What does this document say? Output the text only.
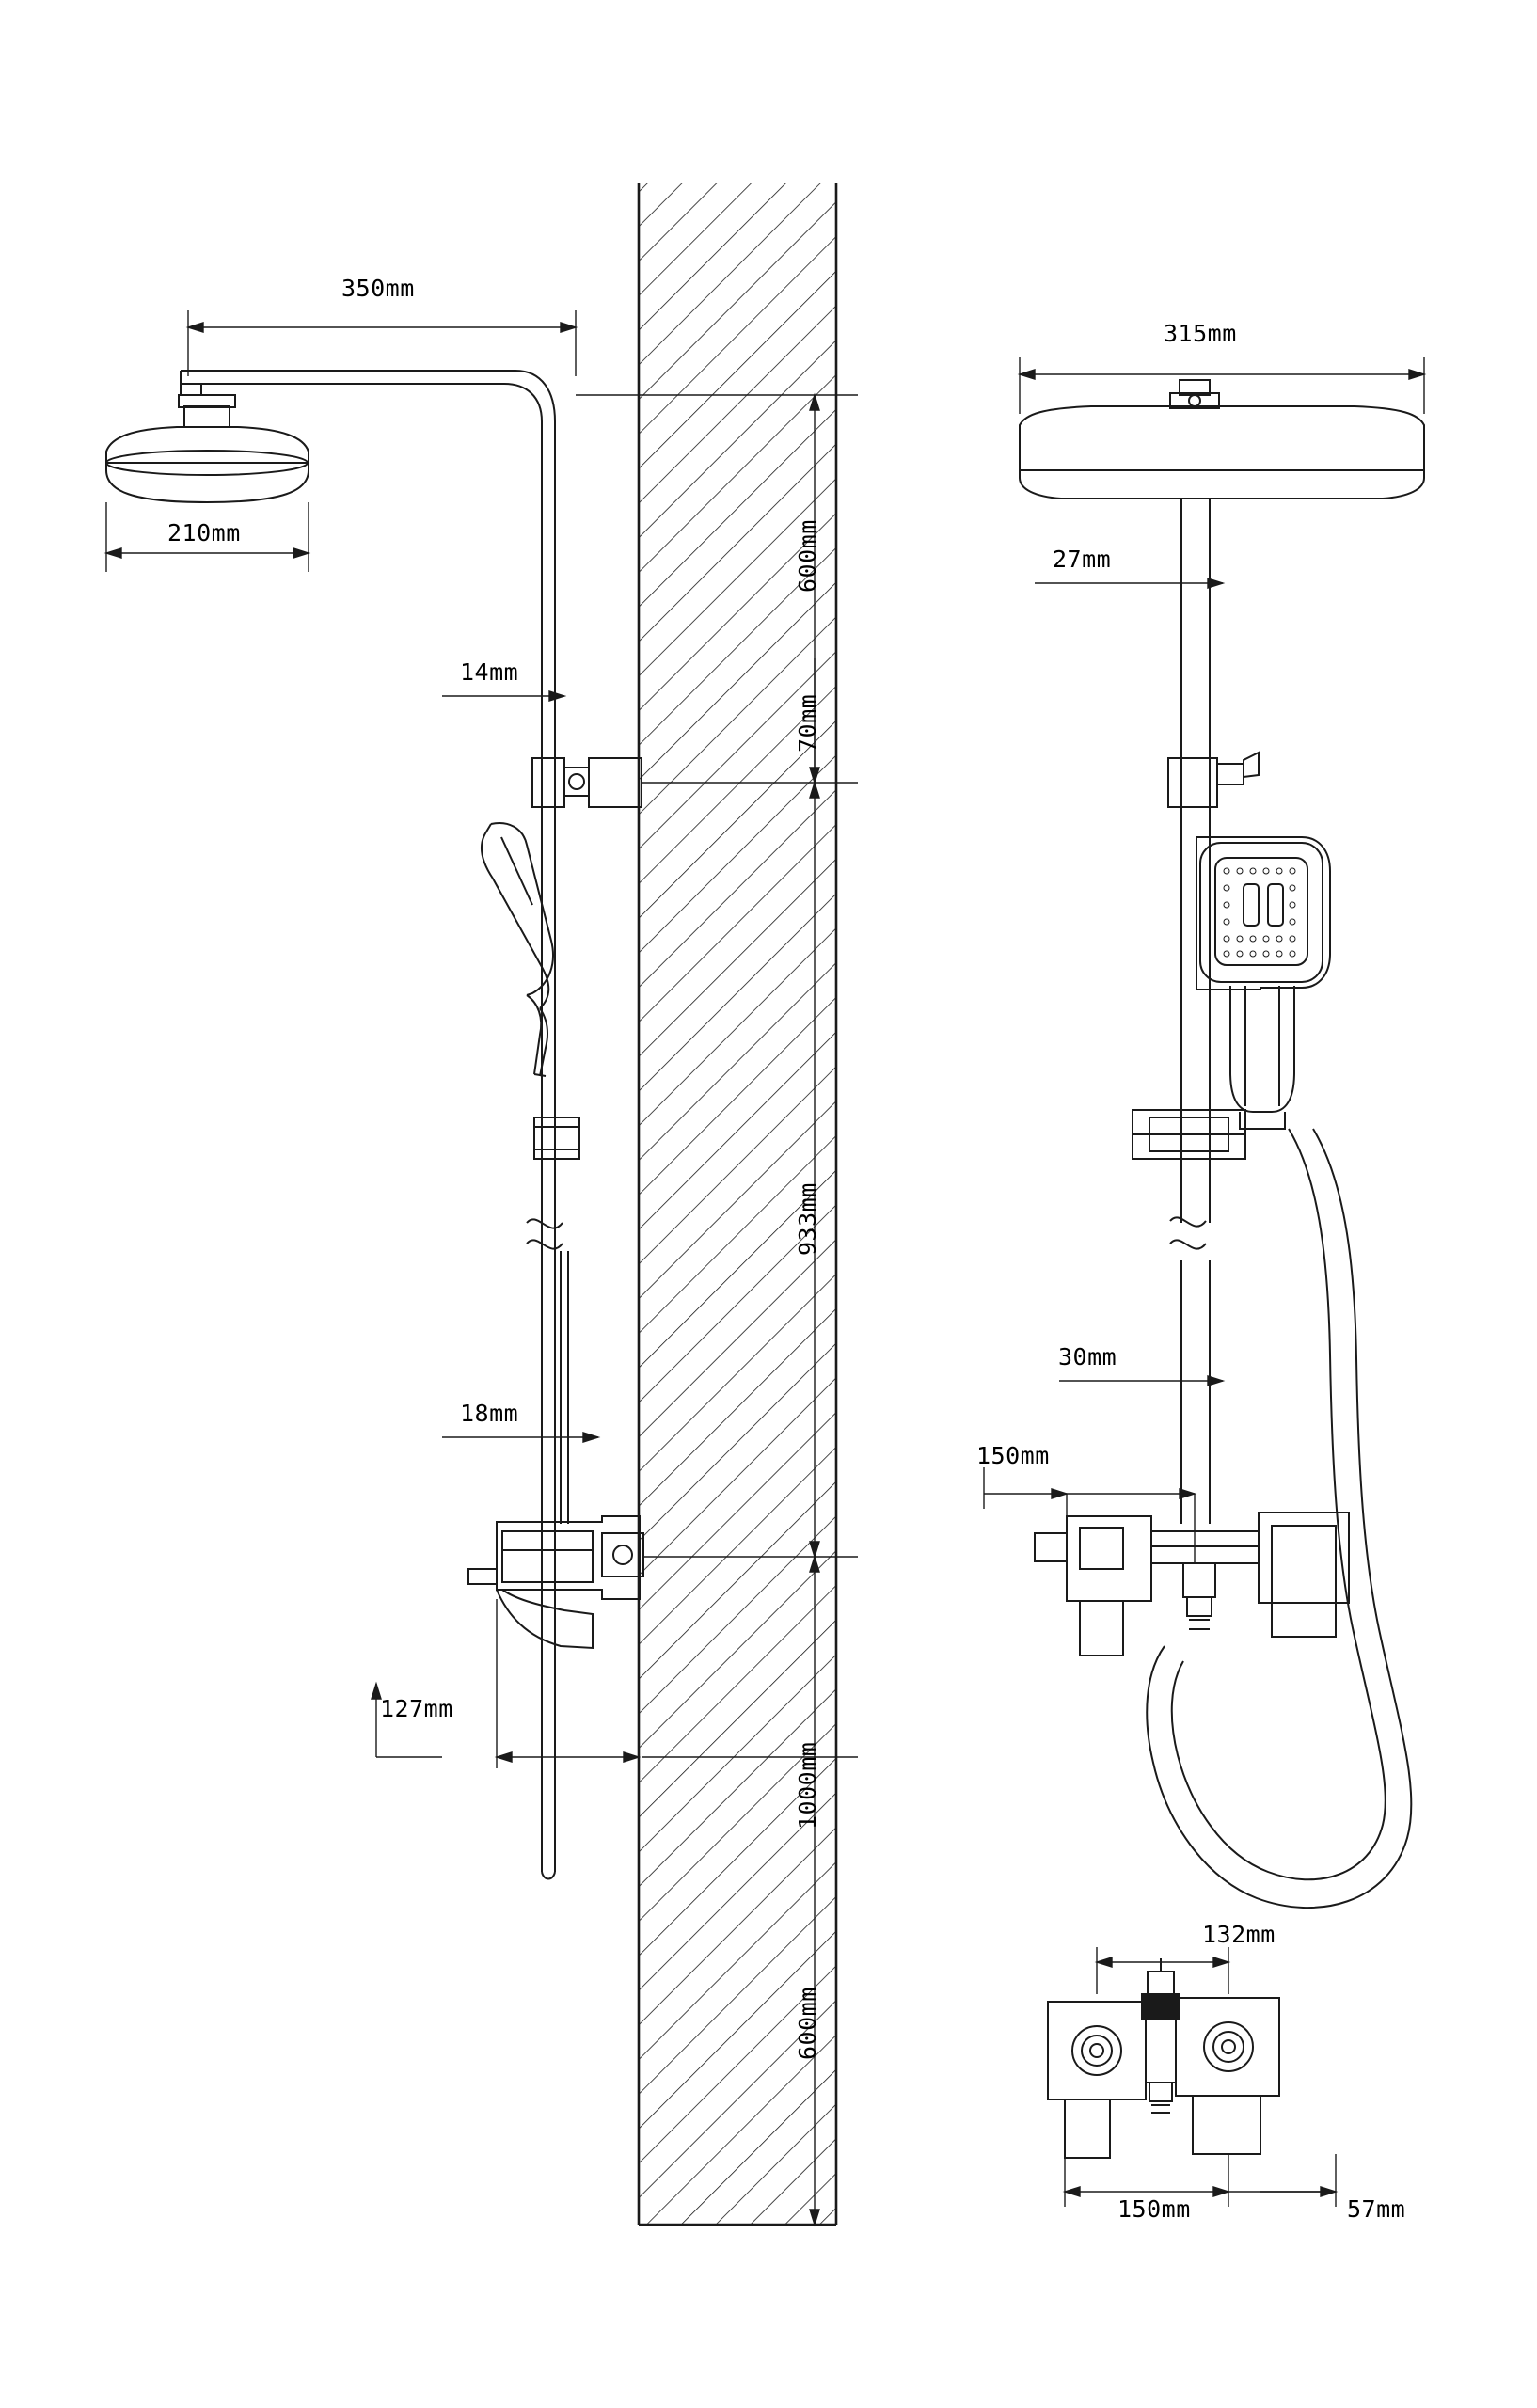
350mm
210mm
14mm
18mm
127mm
600mm
70mm
933mm
1000mm
600mm
315mm
27mm
30mm
150mm
132mm
150mm	57mm
